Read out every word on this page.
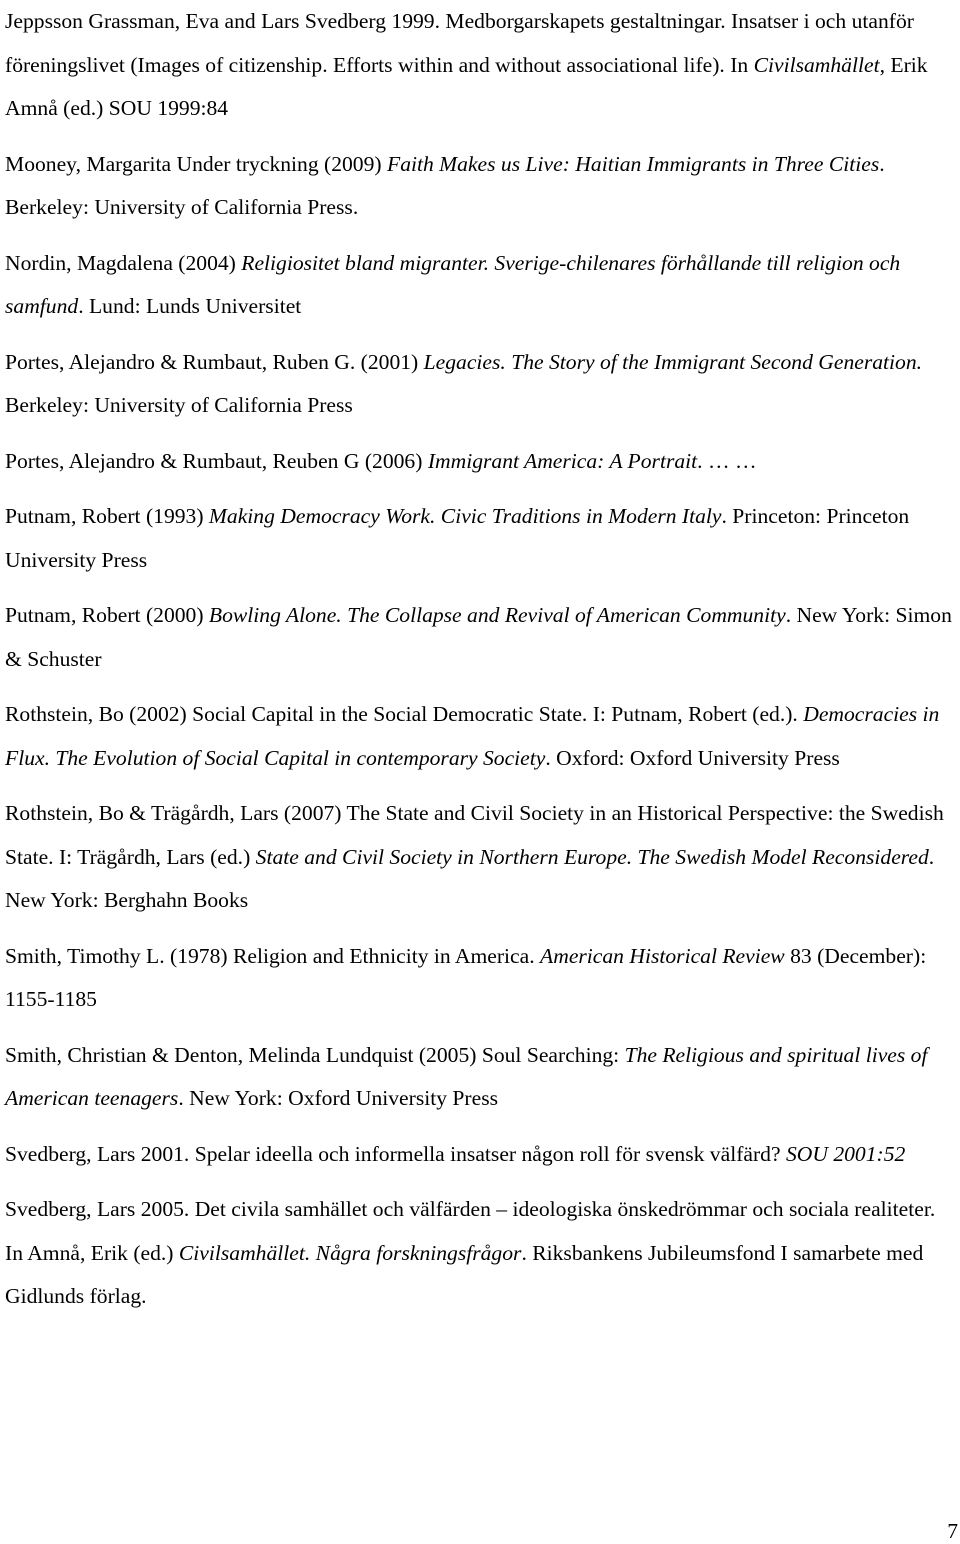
Jeppsson Grassman, Eva and Lars Svedberg 1999. Medborgarskapets gestaltningar. Insatser i och utanför föreningslivet (Images of citizenship. Efforts within and without associational life). In Civilsamhället, Erik Amnå (ed.) SOU 1999:84

Mooney, Margarita Under tryckning (2009) Faith Makes us Live: Haitian Immigrants in Three Cities. Berkeley: University of California Press.

Nordin, Magdalena (2004) Religiositet bland migranter. Sverige-chilenares förhållande till religion och samfund. Lund: Lunds Universitet

Portes, Alejandro & Rumbaut, Ruben G. (2001) Legacies. The Story of the Immigrant Second Generation. Berkeley: University of California Press

Portes, Alejandro & Rumbaut, Reuben G (2006) Immigrant America: A Portrait. … …

Putnam, Robert (1993) Making Democracy Work. Civic Traditions in Modern Italy. Princeton: Princeton University Press

Putnam, Robert (2000) Bowling Alone. The Collapse and Revival of American Community. New York: Simon & Schuster

Rothstein, Bo (2002) Social Capital in the Social Democratic State. I: Putnam, Robert (ed.). Democracies in Flux. The Evolution of Social Capital in contemporary Society. Oxford: Oxford University Press

Rothstein, Bo & Trägårdh, Lars (2007) The State and Civil Society in an Historical Perspective: the Swedish State. I: Trägårdh, Lars (ed.) State and Civil Society in Northern Europe. The Swedish Model Reconsidered. New York: Berghahn Books

Smith, Timothy L. (1978) Religion and Ethnicity in America. American Historical Review 83 (December): 1155-1185

Smith, Christian & Denton, Melinda Lundquist (2005) Soul Searching: The Religious and spiritual lives of American teenagers. New York: Oxford University Press

Svedberg, Lars 2001. Spelar ideella och informella insatser någon roll för svensk välfärd? SOU 2001:52

Svedberg, Lars 2005. Det civila samhället och välfärden – ideologiska önskedrömmar och sociala realiteter. In Amnå, Erik (ed.) Civilsamhället. Några forskningsfrågor. Riksbankens Jubileumsfond I samarbete med Gidlunds förlag.

7
